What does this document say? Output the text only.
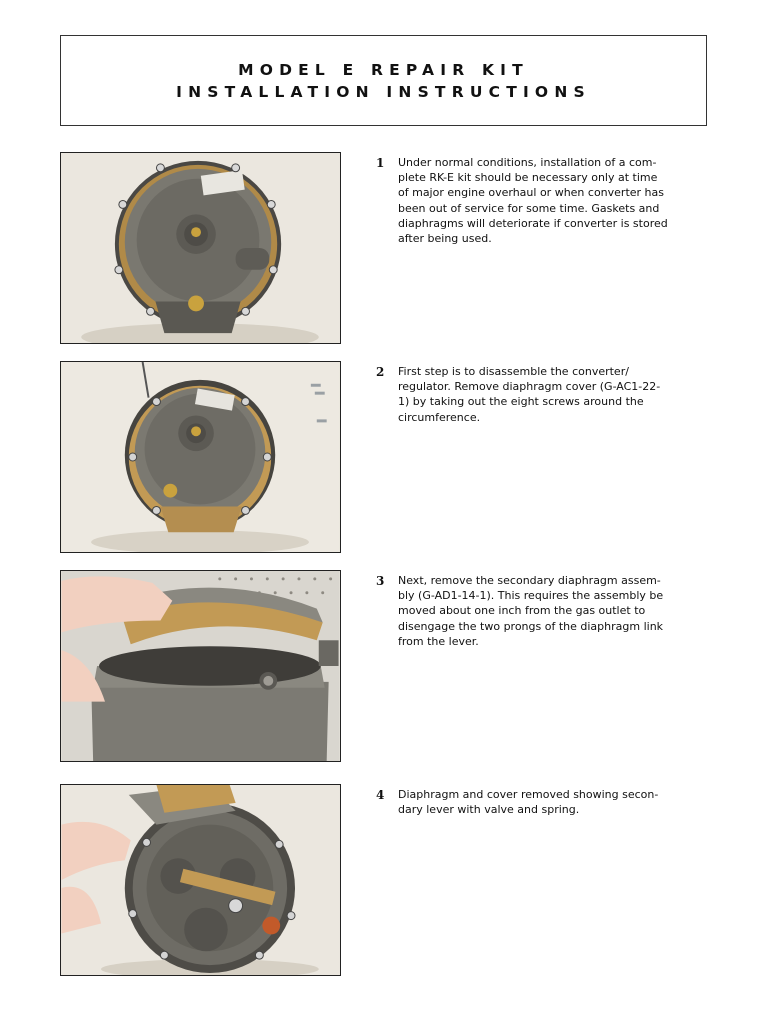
MODEL E REPAIR KIT
INSTALLATION INSTRUCTIONS
1 Under normal conditions, installation of a com-
plete RK-E kit should be necessary only at time
of major engine overhaul or when converter has
been out of service for some time. Gaskets and
diaphragms will deteriorate if converter is stored
after being used.

2 First step is to disassemble the converter/
regulator. Remove diaphragm cover (G-AC1-22-
1) by taking out the eight screws around the
circumference.

3 Next, remove the secondary diaphragm assem-
bly (G-AD1-14-1). This requires the assembly be
moved about one inch from the gas outlet to
disengage the two prongs of the diaphragm link
from the lever.

4 Diaphragm and cover removed showing secon-
dary lever with valve and spring.
